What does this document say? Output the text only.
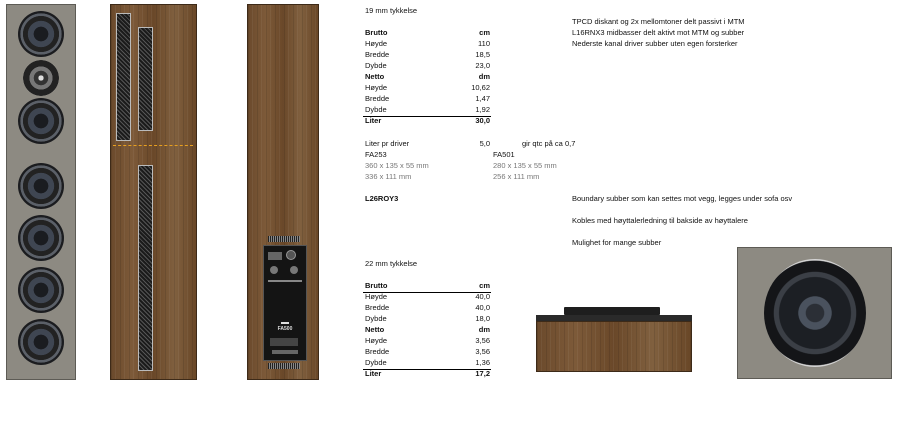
FA500
19 mm tykkelse
Brutto	cm
Høyde	110
Bredde	18,5
Dybde	23,0
Netto	dm
Høyde	10,62
Bredde	1,47
Dybde	1,92
Liter	30,0
TPCD diskant og 2x mellomtoner delt passivt i MTM
L16RNX3 midbasser delt aktivt mot MTM og subber
Nederste kanal driver subber uten egen forsterker
Liter pr driver	5,0	gir qtc på ca 0,7
FA253
360 x 135 x 55 mm
336 x 111 mm
FA501
280 x 135 x 55 mm
256 x 111 mm
L26ROY3	Boundary subber som kan settes mot vegg, legges under sofa osv
Kobles med høyttalerledning til bakside av høyttalere
Mulighet for mange subber
22 mm tykkelse
Brutto	cm
Høyde	40,0
Bredde	40,0
Dybde	18,0
Netto	dm
Høyde	3,56
Bredde	3,56
Dybde	1,36
Liter	17,2
